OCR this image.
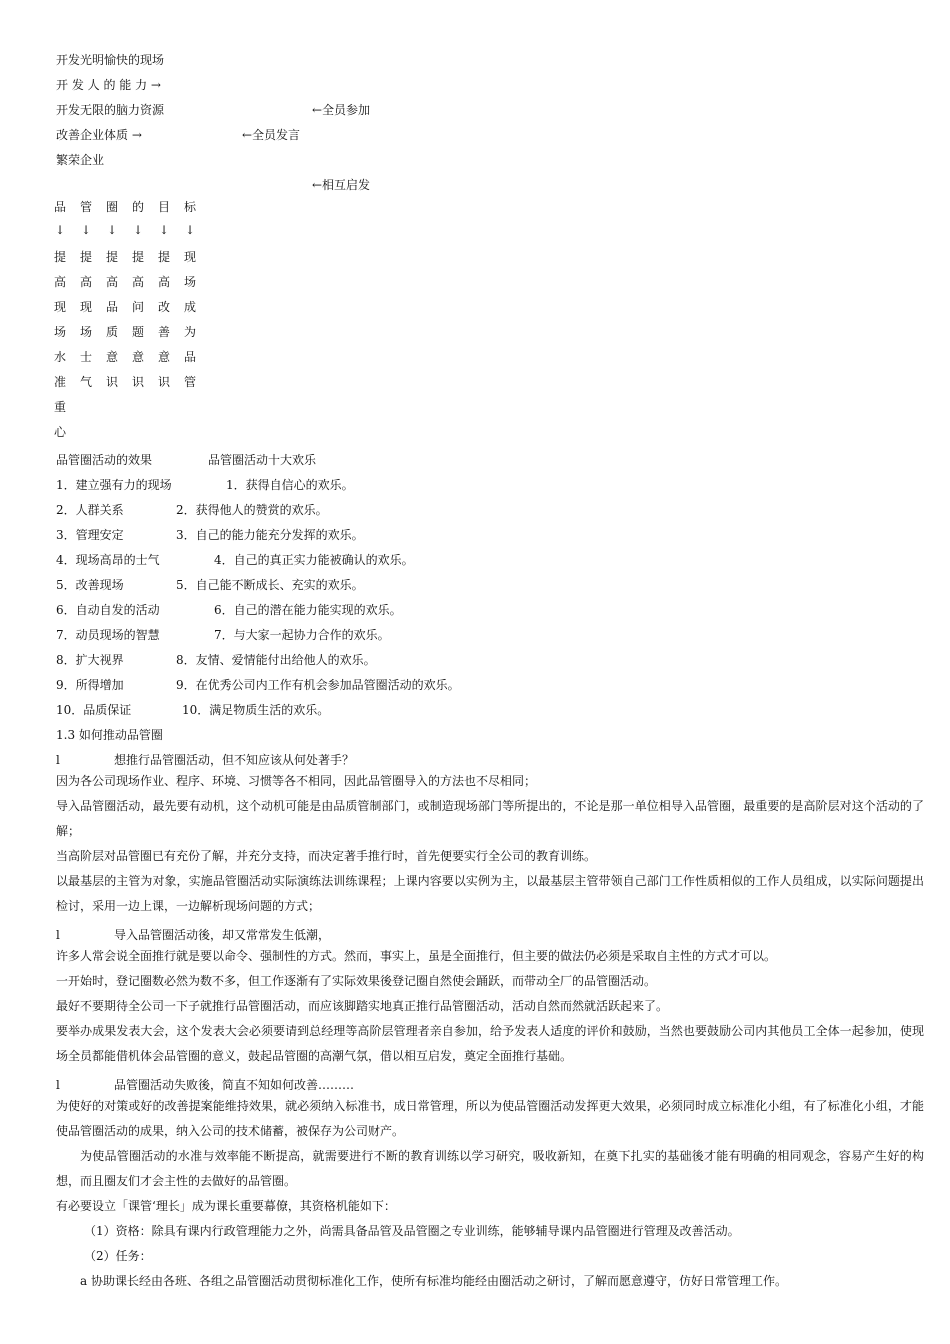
开发光明愉快的现场
开 发 人 的 能 力 →
开发无限的脑力资源	←全员参加
改善企业体质 →	←全员发言
繁荣企业
←相互启发
品 管 圈 的 目 标
↓ ↓ ↓ ↓ ↓ ↓
提 提 提 提 提 现
高 高 高 高 高 场
现 现 品 问 改 成
场 场 质 题 善 为
水 士 意 意 意 品
准 气 识 识 识 管
重
心
品管圈活动的效果	品管圈活动十大欢乐
1．建立强有力的现场	1．获得自信心的欢乐。
2．人群关系	2．获得他人的赞赏的欢乐。
3．管理安定	3．自己的能力能充分发挥的欢乐。
4．现场高昂的士气	4．自己的真正实力能被确认的欢乐。
5．改善现场	5．自己能不断成长、充实的欢乐。
6．自动自发的活动	6．自己的潜在能力能实现的欢乐。
7．动员现场的智慧	7．与大家一起协力合作的欢乐。
8．扩大视界	8．友情、爱情能付出给他人的欢乐。
9．所得增加	9．在优秀公司内工作有机会参加品管圈活动的欢乐。
10．品质保证	10．满足物质生活的欢乐。
1.3 如何推动品管圈
l	想推行品管圈活动，但不知应该从何处著手？
因为各公司现场作业、程序、环境、习惯等各不相同，因此品管圈导入的方法也不尽相同；
导入品管圈活动，最先要有动机，这个动机可能是由品质管制部门，或制造现场部门等所提出的，不论是那一单位相导入品管圈，最重要的是高阶层对这个活动的了解；
当高阶层对品管圈已有充份了解，并充分支持，而决定著手推行时，首先便要实行全公司的教育训练。
以最基层的主管为对象，实施品管圈活动实际演练法训练课程；上课内容要以实例为主，以最基层主管带领自己部门工作性质相似的工作人员组成，以实际问题提出检讨，采用一边上课，一边解析现场问题的方式；
l	导入品管圈活动後，却又常常发生低潮，
许多人常会说全面推行就是要以命令、强制性的方式。然而，事实上，虽是全面推行，但主要的做法仍必须是采取自主性的方式才可以。
一开始时，登记圈数必然为数不多，但工作逐渐有了实际效果後登记圈自然使会踊跃，而带动全厂的品管圈活动。
最好不要期待全公司一下子就推行品管圈活动，而应该脚踏实地真正推行品管圈活动，活动自然而然就活跃起来了。
要举办成果发表大会，这个发表大会必须要请到总经理等高阶层管理者亲自参加，给予发表人适度的评价和鼓励，当然也要鼓励公司内其他员工全体一起参加，使现场全员都能借机体会品管圈的意义，鼓起品管圈的高潮气氛，借以相互启发，奠定全面推行基础。
l	品管圈活动失败後，简直不知如何改善………
为使好的对策或好的改善提案能维持效果，就必须纳入标准书，成日常管理，所以为使品管圈活动发挥更大效果，必须同时成立标准化小组，有了标准化小组，才能使品管圈活动的成果，纳入公司的技术储蓄，被保存为公司财产。
为使品管圈活动的水准与效率能不断提高，就需要进行不断的教育训练以学习研究，吸收新知，在奠下扎实的基础後才能有明确的相同观念，容易产生好的构想，而且圈友们才会主性的去做好的品管圈。
有必要设立「课管‘理长」成为课长重要幕僚，其资格机能如下：
（1）资格：除具有课内行政管理能力之外，尚需具备品管及品管圈之专业训练，能够辅导课内品管圈进行管理及改善活动。
（2）任务：
a 协助课长经由各班、各组之品管圈活动贯彻标准化工作，使所有标准均能经由圈活动之研讨，了解而愿意遵守，仿好日常管理工作。
